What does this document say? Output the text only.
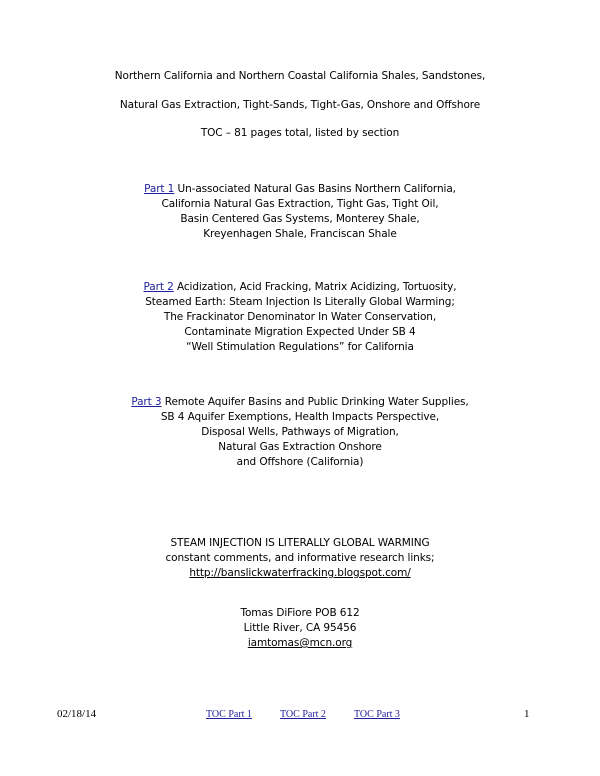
Northern California and Northern Coastal California Shales, Sandstones,
Natural Gas Extraction, Tight-Sands, Tight-Gas, Onshore and Offshore
TOC – 81 pages total, listed by section
Part 1 Un-associated Natural Gas Basins Northern California,
California Natural Gas Extraction, Tight Gas, Tight Oil,
Basin Centered Gas Systems, Monterey Shale,
Kreyenhagen Shale, Franciscan Shale
Part 2 Acidization, Acid Fracking, Matrix Acidizing, Tortuosity,
Steamed Earth: Steam Injection Is Literally Global Warming;
The Frackinator Denominator In Water Conservation,
Contaminate Migration Expected Under SB 4
“Well Stimulation Regulations” for California
Part 3 Remote Aquifer Basins and Public Drinking Water Supplies,
SB 4 Aquifer Exemptions, Health Impacts Perspective,
Disposal Wells, Pathways of Migration,
Natural Gas Extraction Onshore
and Offshore (California)
STEAM INJECTION IS LITERALLY GLOBAL WARMING
constant comments, and informative research links;
http://banslickwaterfracking.blogspot.com/
Tomas DiFiore POB 612
Little River, CA 95456
iamtomas@mcn.org
02/18/14	TOC Part 1	TOC Part 2	TOC Part 3	1
